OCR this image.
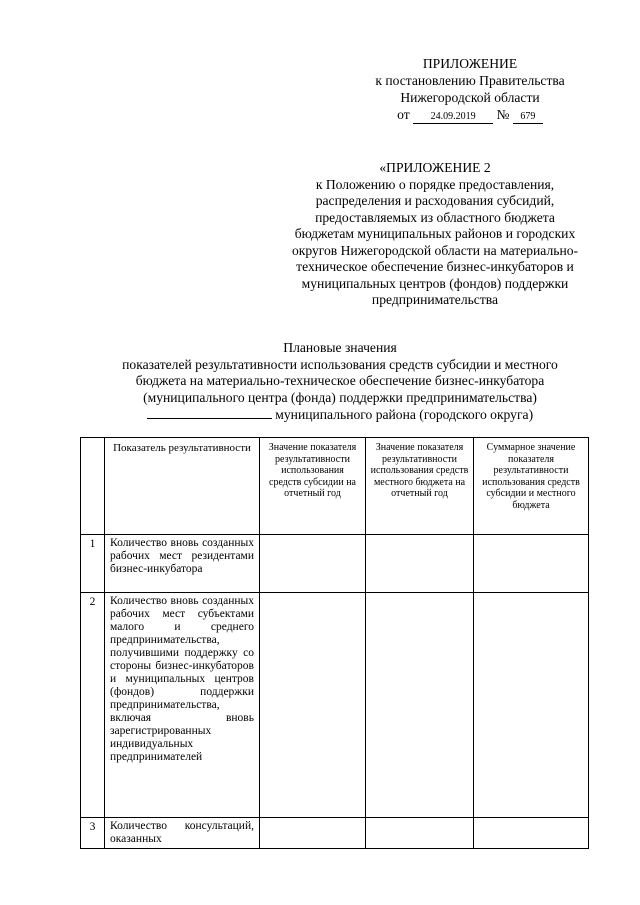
ПРИЛОЖЕНИЕ
к постановлению Правительства
Нижегородской области
от 24.09.2019 № 679
«ПРИЛОЖЕНИЕ 2
к Положению о порядке предоставления,
распределения и расходования субсидий,
предоставляемых из областного бюджета
бюджетам муниципальных районов и городских
округов Нижегородской области на материально-
техническое обеспечение бизнес-инкубаторов и
муниципальных центров (фондов) поддержки
предпринимательства
Плановые значения
показателей результативности использования средств субсидии и местного
бюджета на материально-техническое обеспечение бизнес-инкубатора
(муниципального центра (фонда) поддержки предпринимательства)
муниципального района (городского округа)
	Показатель результативности	Значение показателя результативности использования средств субсидии на отчетный год	Значение показателя результативности использования средств местного бюджета на отчетный год	Суммарное значение показателя результативности использования средств субсидии и местного бюджета
1	Количество вновь созданных рабочих мест резидентами бизнес-инкубатора			
2	Количество вновь созданных рабочих мест субъектами малого и среднего предпринимательства, получившими поддержку со стороны бизнес-инкубаторов и муниципальных центров (фондов) поддержки предпринимательства, включая вновь зарегистрированных индивидуальных предпринимателей			
3	Количество консультаций, оказанных			
